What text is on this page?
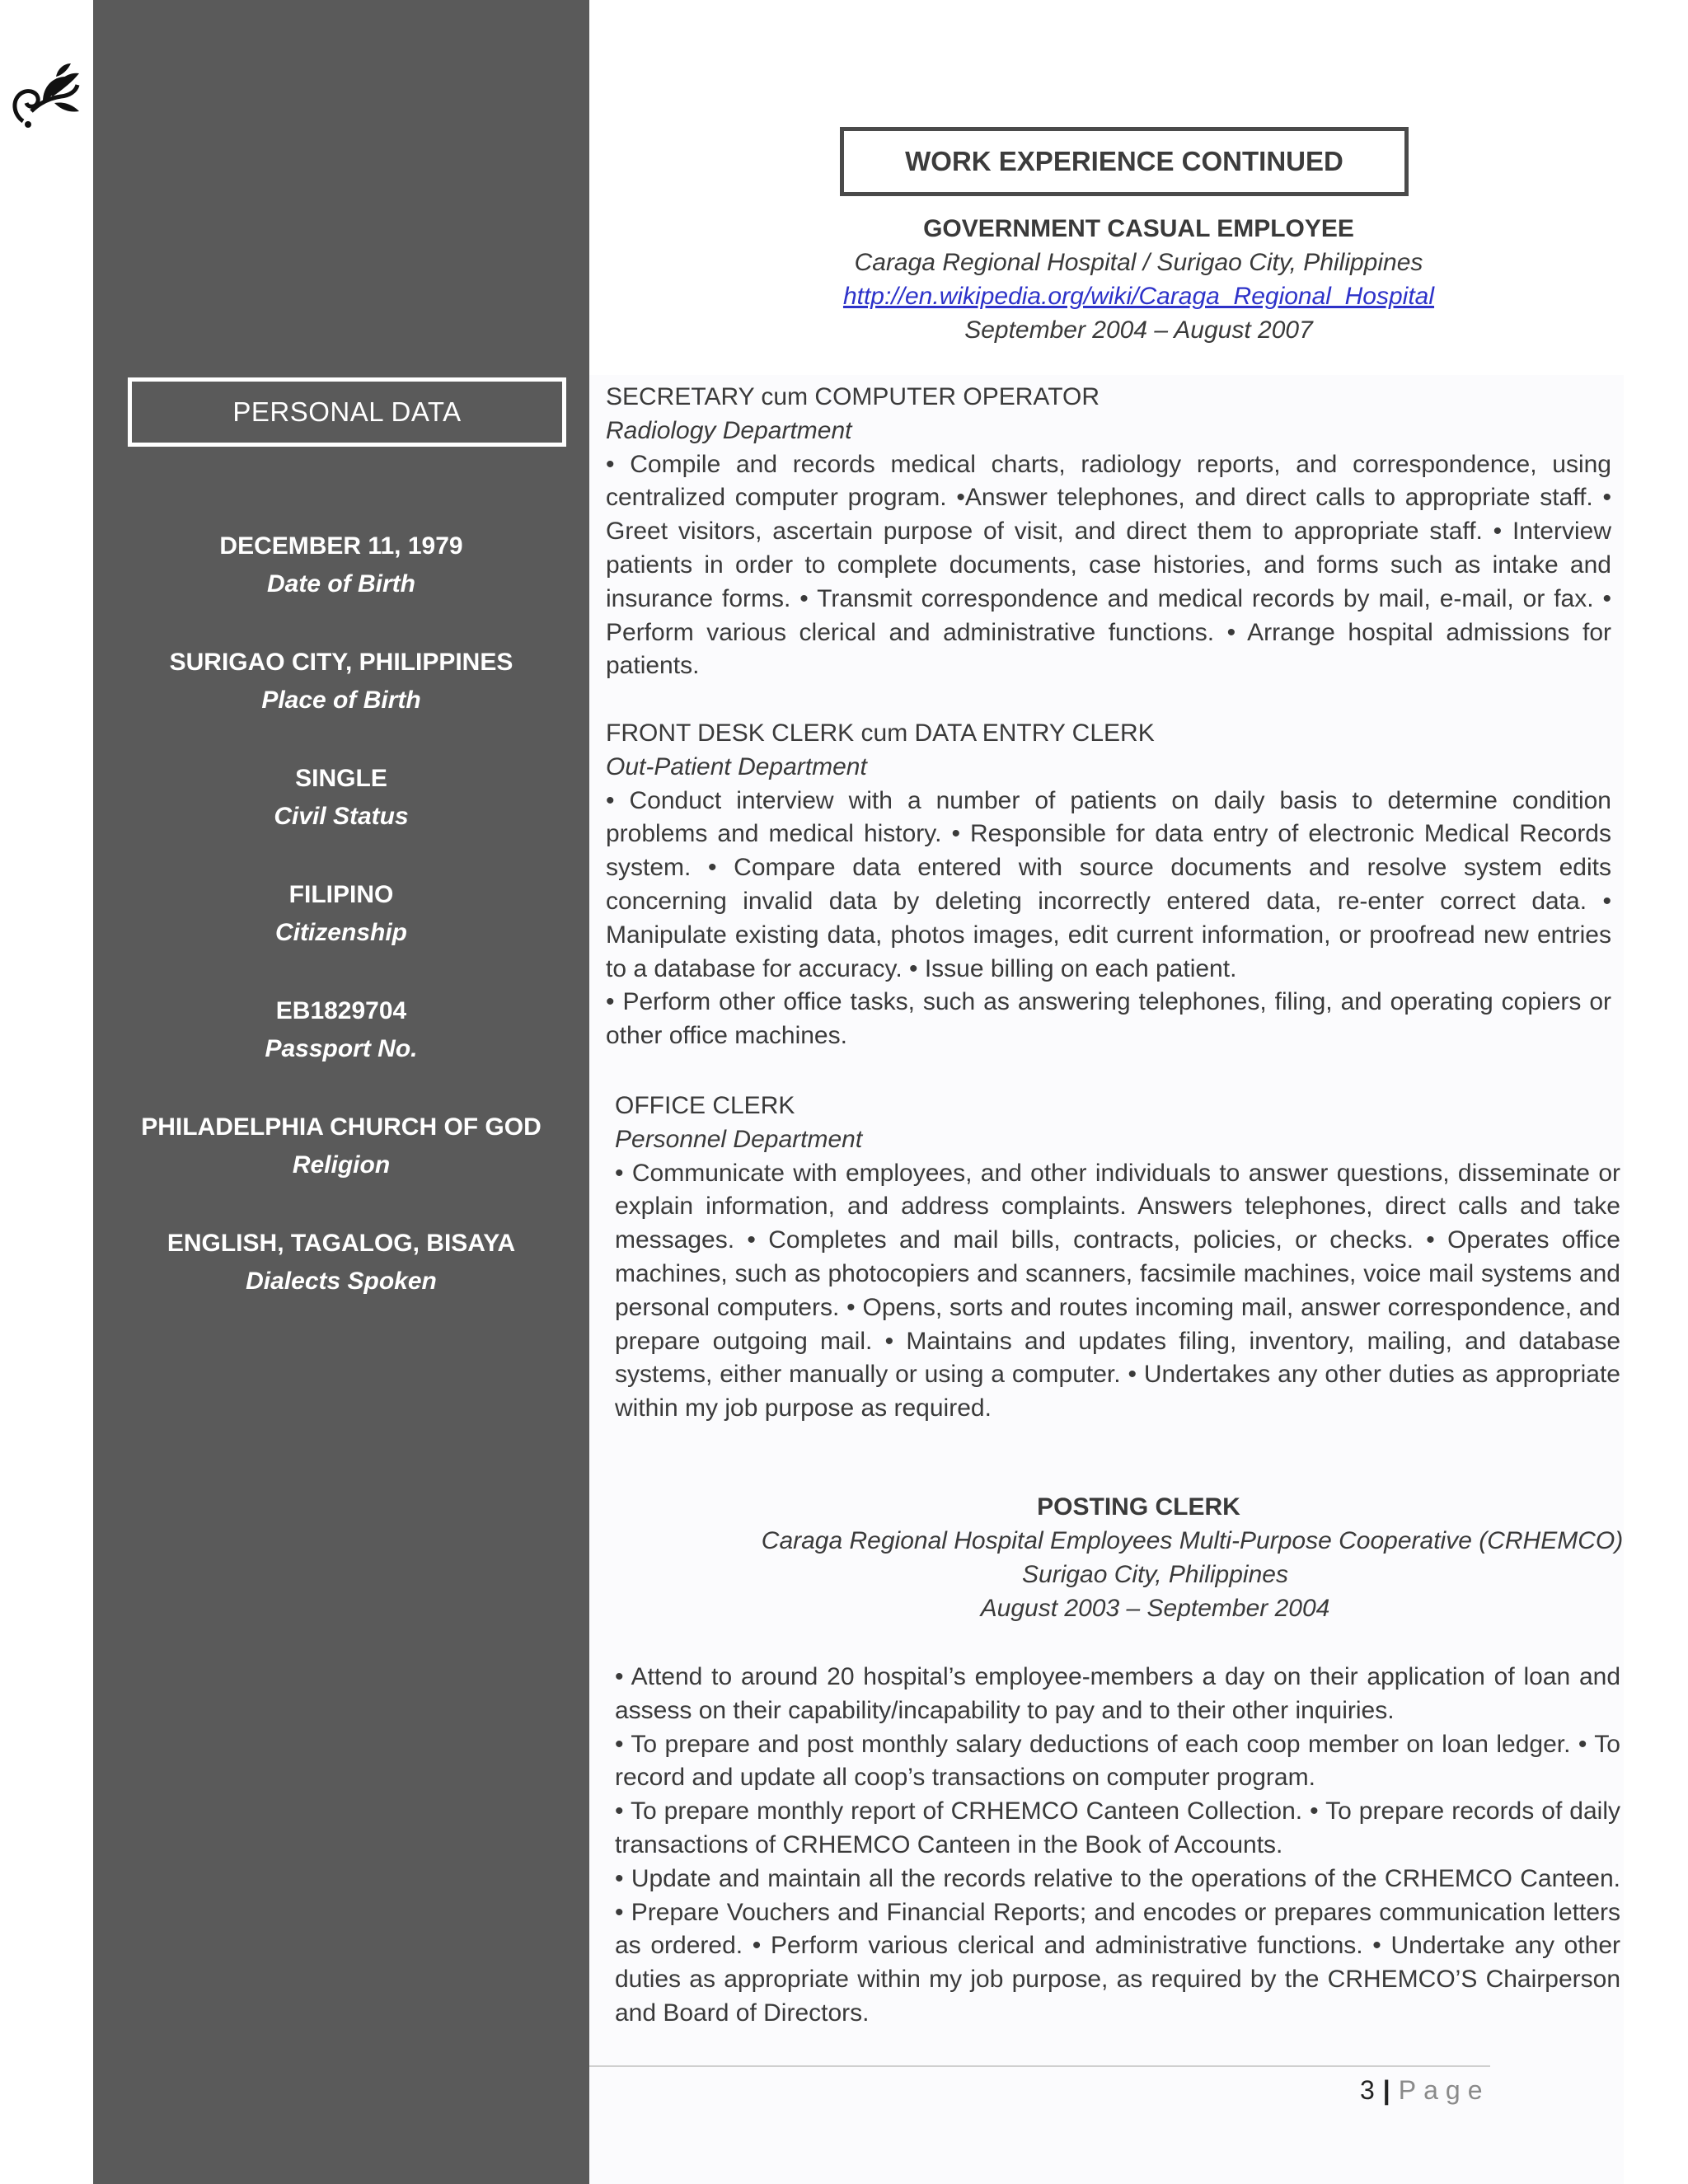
PERSONAL DATA
DECEMBER 11, 1979
Date of Birth
SURIGAO CITY, PHILIPPINES
Place of Birth
SINGLE
Civil Status
FILIPINO
Citizenship
EB1829704
Passport No.
PHILADELPHIA CHURCH OF GOD
Religion
ENGLISH, TAGALOG, BISAYA
Dialects Spoken
WORK EXPERIENCE CONTINUED
GOVERNMENT CASUAL EMPLOYEE
Caraga Regional Hospital / Surigao City, Philippines
http://en.wikipedia.org/wiki/Caraga_Regional_Hospital
September 2004 – August 2007
SECRETARY cum COMPUTER OPERATOR
Radiology Department
• Compile and records medical charts, radiology reports, and correspondence, using centralized computer program. •Answer telephones, and direct calls to appropriate staff. • Greet visitors, ascertain purpose of visit, and direct them to appropriate staff. • Interview patients in order to complete documents, case histories, and forms such as intake and insurance forms. • Transmit correspondence and medical records by mail, e-mail, or fax. • Perform various clerical and administrative functions. • Arrange hospital admissions for patients.
FRONT DESK CLERK cum DATA ENTRY CLERK
Out-Patient Department
• Conduct interview with a number of patients on daily basis to determine condition problems and medical history. • Responsible for data entry of electronic Medical Records system. • Compare data entered with source documents and resolve system edits concerning invalid data by deleting incorrectly entered data, re-enter correct data. • Manipulate existing data, photos images, edit current information, or proofread new entries to a database for accuracy. • Issue billing on each patient.
• Perform other office tasks, such as answering telephones, filing, and operating copiers or other office machines.
OFFICE CLERK
Personnel Department
• Communicate with employees, and other individuals to answer questions, disseminate or explain information, and address complaints. Answers telephones, direct calls and take messages. • Completes and mail bills, contracts, policies, or checks. • Operates office machines, such as photocopiers and scanners, facsimile machines, voice mail systems and personal computers. • Opens, sorts and routes incoming mail, answer correspondence, and prepare outgoing mail. • Maintains and updates filing, inventory, mailing, and database systems, either manually or using a computer. • Undertakes any other duties as appropriate within my job purpose as required.
POSTING CLERK
Caraga Regional Hospital Employees Multi-Purpose Cooperative (CRHEMCO)
Surigao City, Philippines
August 2003 – September 2004
• Attend to around 20 hospital’s employee-members a day on their application of loan and assess on their capability/incapability to pay and to their other inquiries.
• To prepare and post monthly salary deductions of each coop member on loan ledger. • To record and update all coop’s transactions on computer program.
• To prepare monthly report of CRHEMCO Canteen Collection. • To prepare records of daily transactions of CRHEMCO Canteen in the Book of Accounts.
• Update and maintain all the records relative to the operations of the CRHEMCO Canteen. • Prepare Vouchers and Financial Reports; and encodes or prepares communication letters as ordered. • Perform various clerical and administrative functions. • Undertake any other duties as appropriate within my job purpose, as required by the CRHEMCO’S Chairperson and Board of Directors.
3 | Page
